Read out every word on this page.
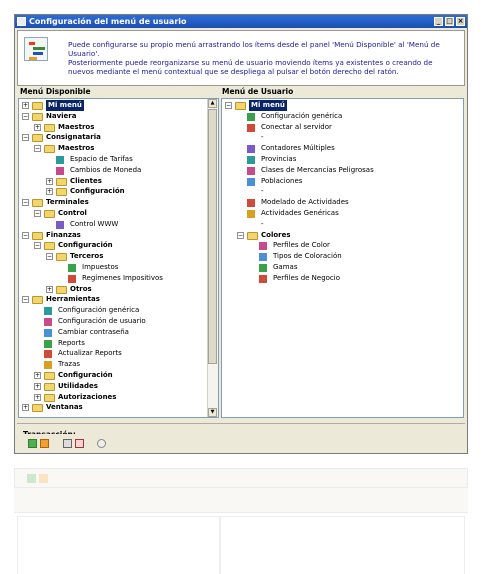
Configuración del menú de usuario	_ □ ×
Puede configurarse su propio menú arrastrando los ítems desde el panel 'Menú Disponible' al 'Menú de Usuario'.
Posteriormente puede reorganizarse su menú de usuario moviendo ítems ya existentes o creando de nuevos mediante el menú contextual que se despliega al pulsar el botón derecho del ratón.
Menú Disponible	Menú de Usuario
+	Mi menú
−	Naviera
+	Maestros
−	Consignataria
−	Maestros
Espacio de Tarifas
Cambios de Moneda
+	Clientes
+	Configuración
−	Terminales
−	Control
Control WWW
−	Finanzas
−	Configuración
−	Terceros
Impuestos
Regímenes Impositivos
+	Otros
−	Herramientas
Configuración genérica
Configuración de usuario
Cambiar contraseña
Reports
Actualizar Reports
Trazas
+	Configuración
+	Utilidades
+	Autorizaciones
+	Ventanas
▲
▼
−	Mi menú
Configuración genérica
Conectar al servidor
-
Contadores Múltiples
Provincias
Clases de Mercancías Peligrosas
Poblaciones
-
Modelado de Actividades
Actividades Genéricas
-
−	Colores
Perfiles de Color
Tipos de Coloración
Gamas
Perfiles de Negocio
